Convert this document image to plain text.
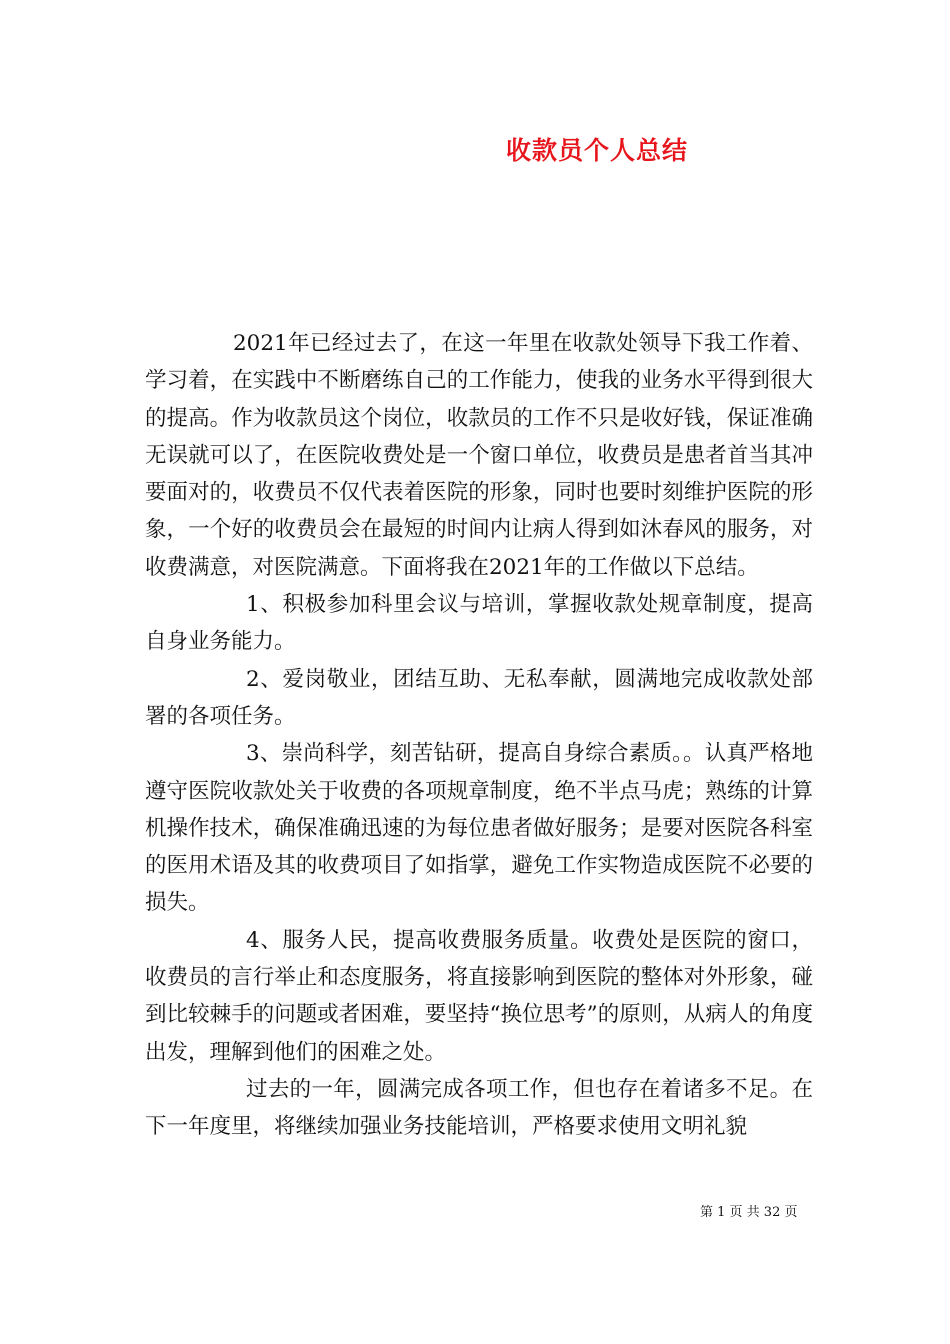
收款员个人总结

2021年已经过去了，在这一年里在收款处领导下我工作着、学习着，在实践中不断磨练自己的工作能力，使我的业务水平得到很大的提高。作为收款员这个岗位，收款员的工作不只是收好钱，保证准确无误就可以了，在医院收费处是一个窗口单位，收费员是患者首当其冲要面对的，收费员不仅代表着医院的形象，同时也要时刻维护医院的形象，一个好的收费员会在最短的时间内让病人得到如沐春风的服务，对收费满意，对医院满意。下面将我在2021年的工作做以下总结。

1、积极参加科里会议与培训，掌握收款处规章制度，提高自身业务能力。

2、爱岗敬业，团结互助、无私奉献，圆满地完成收款处部署的各项任务。

3、崇尚科学，刻苦钻研，提高自身综合素质。。认真严格地遵守医院收款处关于收费的各项规章制度，绝不半点马虎；熟练的计算机操作技术，确保准确迅速的为每位患者做好服务；是要对医院各科室的医用术语及其的收费项目了如指掌，避免工作实物造成医院不必要的损失。

4、服务人民，提高收费服务质量。收费处是医院的窗口，收费员的言行举止和态度服务，将直接影响到医院的整体对外形象，碰到比较棘手的问题或者困难，要坚持“换位思考”的原则，从病人的角度出发，理解到他们的困难之处。

过去的一年，圆满完成各项工作，但也存在着诸多不足。在下一年度里，将继续加强业务技能培训，严格要求使用文明礼貌

第 1 页 共 32 页
